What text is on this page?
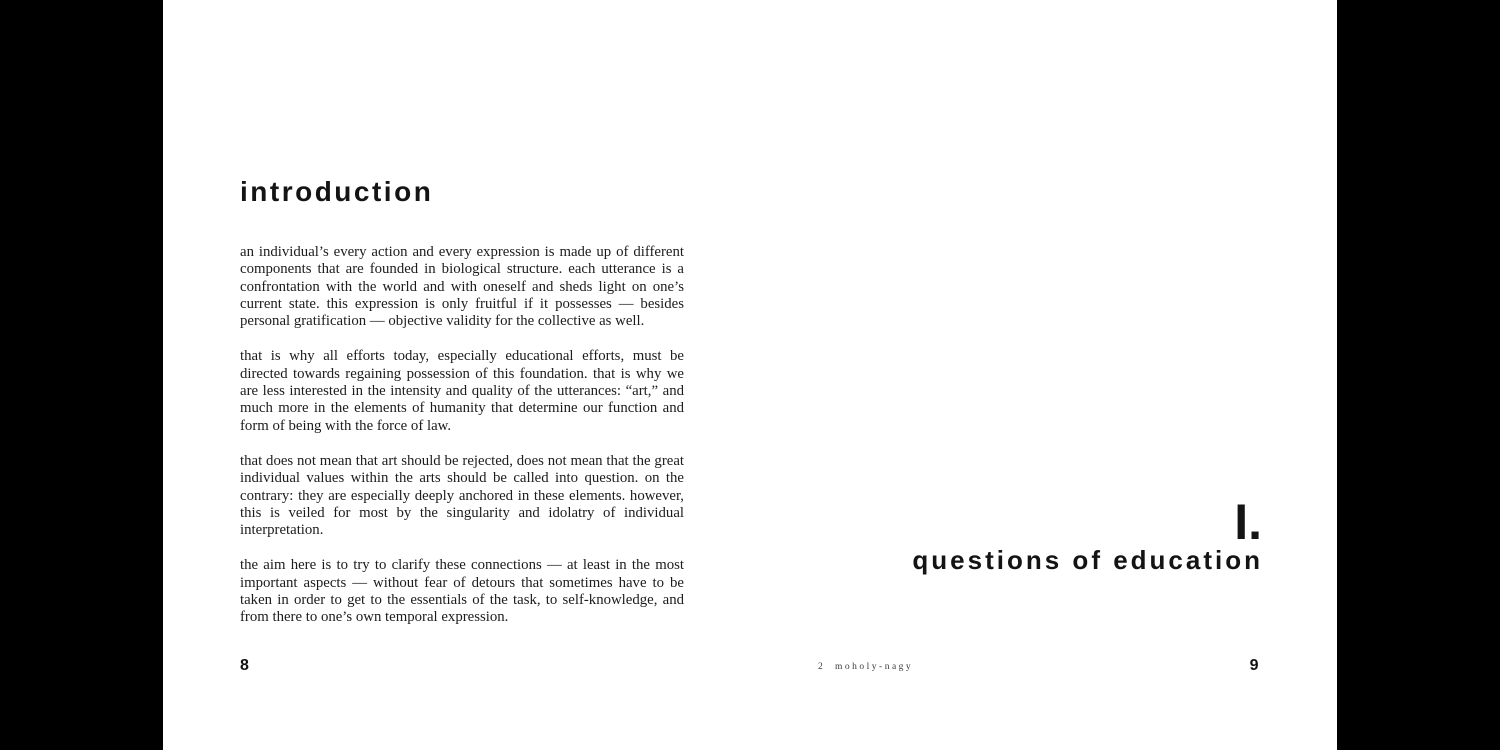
introduction

an individual’s every action and every expression is made up of different components that are founded in biological structure. each utterance is a confrontation with the world and with oneself and sheds light on one’s current state. this expression is only fruitful if it possesses — besides personal gratification — objective validity for the collective as well.

that is why all efforts today, especially educational efforts, must be directed towards regaining possession of this foundation. that is why we are less interested in the intensity and quality of the utterances: “art,” and much more in the elements of humanity that determine our function and form of being with the force of law.

that does not mean that art should be rejected, does not mean that the great individual values within the arts should be called into question. on the contrary: they are especially deeply anchored in these elements. however, this is veiled for most by the singularity and idolatry of individual interpretation.

the aim here is to try to clarify these connections — at least in the most important aspects — without fear of detours that sometimes have to be taken in order to get to the essentials of the task, to self-knowledge, and from there to one’s own temporal expression.

8
I.
questions of education
2  moholy-nagy	9
